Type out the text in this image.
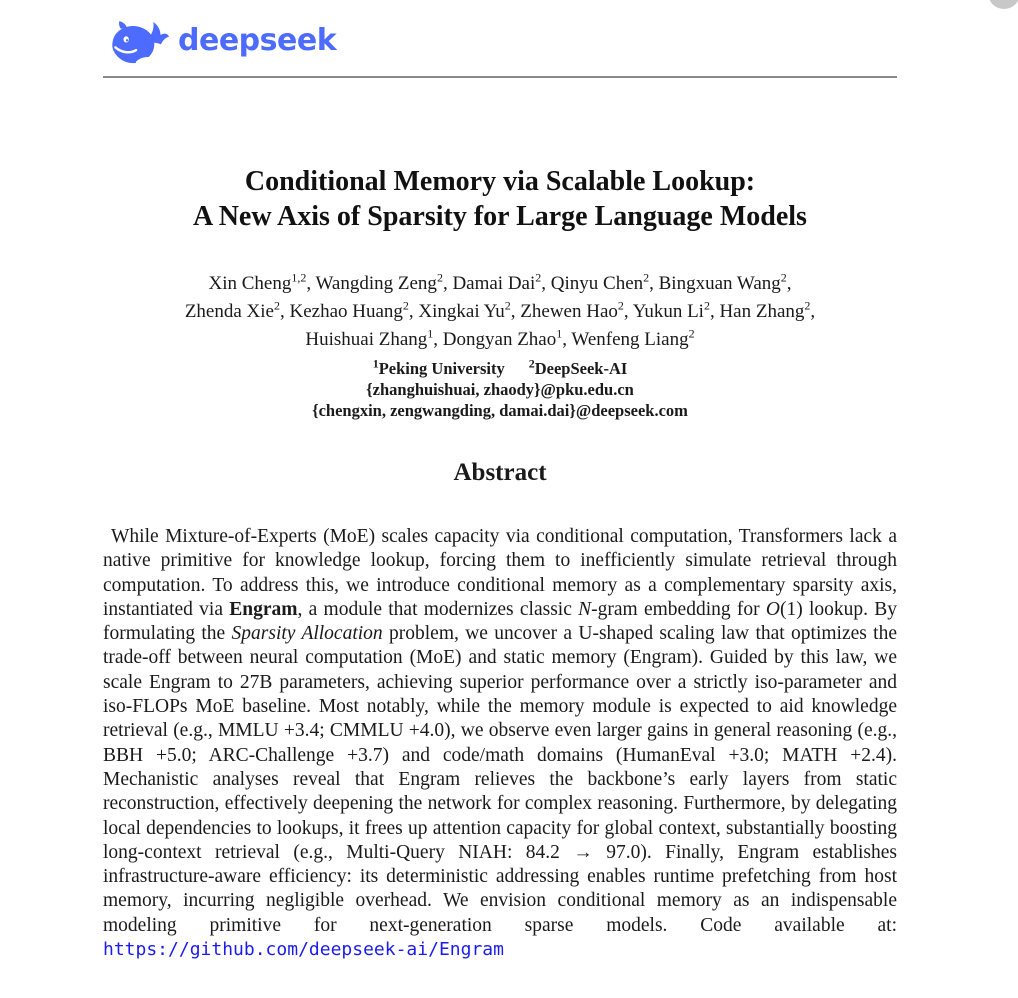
deepseek
Conditional Memory via Scalable Lookup:
A New Axis of Sparsity for Large Language Models
Xin Cheng$^{1,2}$, Wangding Zeng$^2$, Damai Dai$^2$, Qinyu Chen$^2$, Bingxuan Wang$^2$,
Zhenda Xie$^2$, Kezhao Huang$^2$, Xingkai Yu$^2$, Zhewen Hao$^2$, Yukun Li$^2$, Han Zhang$^2$,
Huishuai Zhang$^1$, Dongyan Zhao$^1$, Wenfeng Liang$^2$
$^1$Peking University $^2$DeepSeek-AI
{zhanghuishuai, zhaody}@pku.edu.cn
{chengxin, zengwangding, damai.dai}@deepseek.com
Abstract

While Mixture-of-Experts (MoE) scales capacity via conditional computation, Transformers lack a native primitive for knowledge lookup, forcing them to inefficiently simulate retrieval through computation. To address this, we introduce conditional memory as a complementary sparsity axis, instantiated via Engram, a module that modernizes classic N-gram embedding for O(1) lookup. By formulating the Sparsity Allocation problem, we uncover a U-shaped scaling law that optimizes the trade-off between neural computation (MoE) and static memory (Engram). Guided by this law, we scale Engram to 27B parameters, achieving superior performance over a strictly iso-parameter and iso-FLOPs MoE baseline. Most notably, while the memory module is expected to aid knowledge retrieval (e.g., MMLU +3.4; CMMLU +4.0), we observe even larger gains in general reasoning (e.g., BBH +5.0; ARC-Challenge +3.7) and code/math domains (HumanEval +3.0; MATH +2.4). Mechanistic analyses reveal that Engram relieves the backbone’s early layers from static reconstruction, effectively deepening the network for complex reasoning. Furthermore, by delegating local dependencies to lookups, it frees up attention capacity for global context, substantially boosting long-context retrieval (e.g., Multi-Query NIAH: 84.2 → 97.0). Finally, Engram establishes infrastructure-aware efficiency: its deterministic addressing enables runtime prefetching from host memory, incurring negligible overhead. We envision conditional memory as an indispensable modeling primitive for next-generation sparse models. Code available at: https://github.com/deepseek-ai/Engram
